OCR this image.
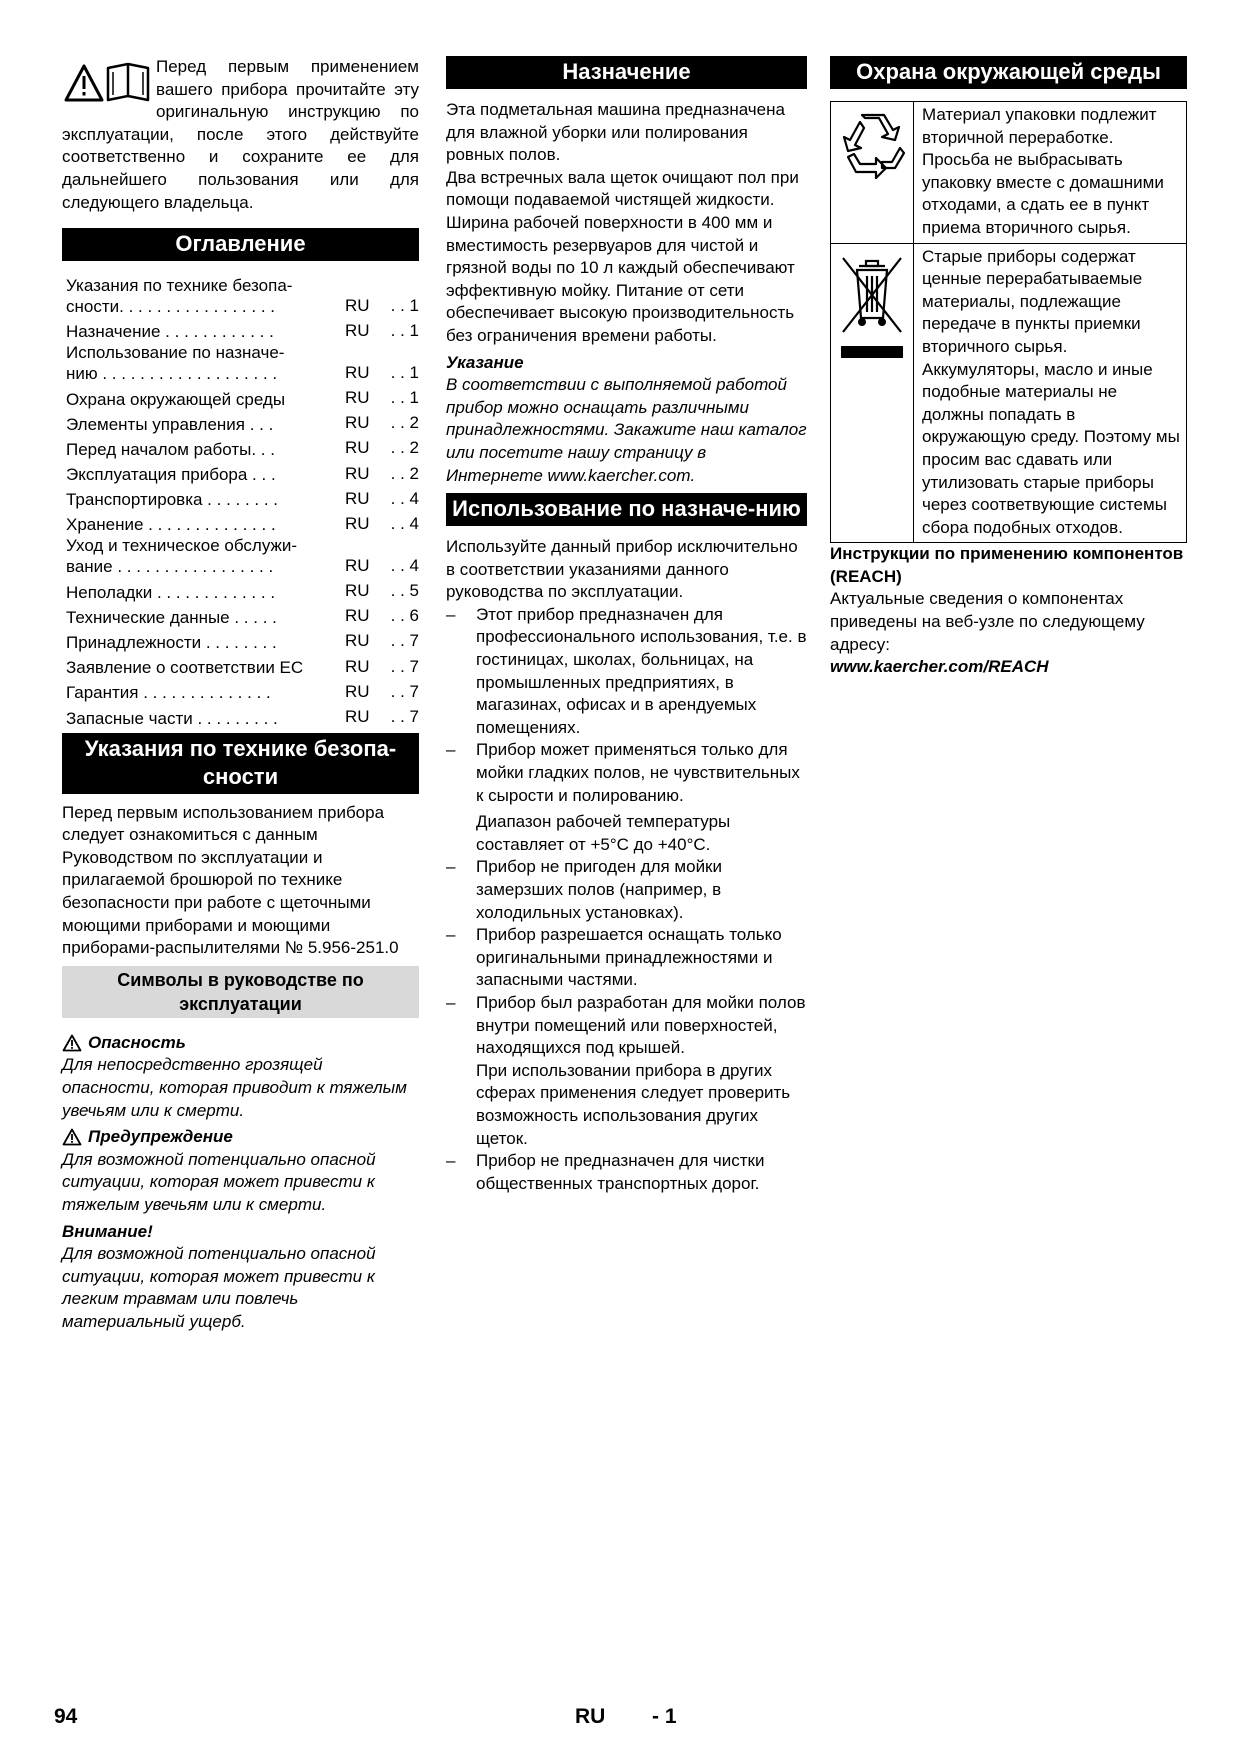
Перед первым применением вашего прибора прочитайте эту оригинальную инструкцию по эксплуатации, после этого действуйте соответственно и сохраните ее для дальнейшего пользования или для следующего владельца.

Оглавление
Указания по технике безопа-
сности. . . . . . . . . . . . . . . . .	RU	. . 1
Назначение . . . . . . . . . . . .	RU	. . 1
Использование по назначе-
нию . . . . . . . . . . . . . . . . . . .	RU	. . 1
Охрана окружающей среды	RU	. . 1
Элементы управления . . .	RU	. . 2
Перед началом работы. . .	RU	. . 2
Эксплуатация прибора . . .	RU	. . 2
Транспортировка . . . . . . . .	RU	. . 4
Хранение . . . . . . . . . . . . . .	RU	. . 4
Уход и техническое обслужи-
вание . . . . . . . . . . . . . . . . .	RU	. . 4
Неполадки . . . . . . . . . . . . .	RU	. . 5
Технические данные . . . . .	RU	. . 6
Принадлежности . . . . . . . .	RU	. . 7
Заявление о соответствии ЕС	RU	. . 7
Гарантия . . . . . . . . . . . . . .	RU	. . 7
Запасные части . . . . . . . . .	RU	. . 7
Указания по технике безопа-сности

Перед первым использованием прибора следует ознакомиться с данным Руководством по эксплуатации и прилагаемой брошюрой по технике безопасности при работе с щеточными моющими приборами и моющими приборами-распылителями № 5.956-251.0

Символы в руководстве по эксплуатации
Опасность

Для непосредственно грозящей опасности, которая приводит к тяжелым увечьям или к смерти.

Предупреждение

Для возможной потенциально опасной ситуации, которая может привести к тяжелым увечьям или к смерти.

Внимание!

Для возможной потенциально опасной ситуации, которая может привести к легким травмам или повлечь материальный ущерб.

Назначение

Эта подметальная машина предназначена для влажной уборки или полирования ровных полов.

Два встречных вала щеток очищают пол при помощи подаваемой чистящей жидкости. Ширина рабочей поверхности в 400 мм и вместимость резервуаров для чистой и грязной воды по 10 л каждый обеспечивают эффективную мойку. Питание от сети обеспечивает высокую производительность без ограничения времени работы.

Указание

В соответствии с выполняемой работой прибор можно оснащать различными принадлежностями. Закажите наш каталог или посетите нашу страницу в Интернете www.kaercher.com.

Использование по назначе-нию

Используйте данный прибор исключительно в соответствии указаниями данного руководства по эксплуатации.

– Этот прибор предназначен для профессионального использования, т.е. в гостиницах, школах, больницах, на промышленных предприятиях, в магазинах, офисах и в арендуемых помещениях.
– Прибор может применяться только для мойки гладких полов, не чувствительных к сырости и полированию.

Диапазон рабочей температуры составляет от +5°C до +40°C.

– Прибор не пригоден для мойки замерзших полов (например, в холодильных установках).
– Прибор разрешается оснащать только оригинальными принадлежностями и запасными частями.
– Прибор был разработан для мойки полов внутри помещений или поверхностей, находящихся под крышей.

При использовании прибора в других сферах применения следует проверить возможность использования других щеток.

– Прибор не предназначен для чистки общественных транспортных дорог.
Охрана окружающей среды
	Материал упаковки подлежит вторичной переработке. Просьба не выбрасывать упаковку вместе с домашними отходами, а сдать ее в пункт приема вторичного сырья.
	Старые приборы содержат ценные перерабатываемые материалы, подлежащие передаче в пункты приемки вторичного сырья. Аккумуляторы, масло и иные подобные материалы не должны попадать в окружающую среду. Поэтому мы просим вас сдавать или утилизовать старые приборы через соответвующие системы сбора подобных отходов.

Инструкции по применению компонентов (REACH)

Актуальные сведения о компонентах приведены на веб-узле по следующему адресу:

www.kaercher.com/REACH

94	RU - 1
